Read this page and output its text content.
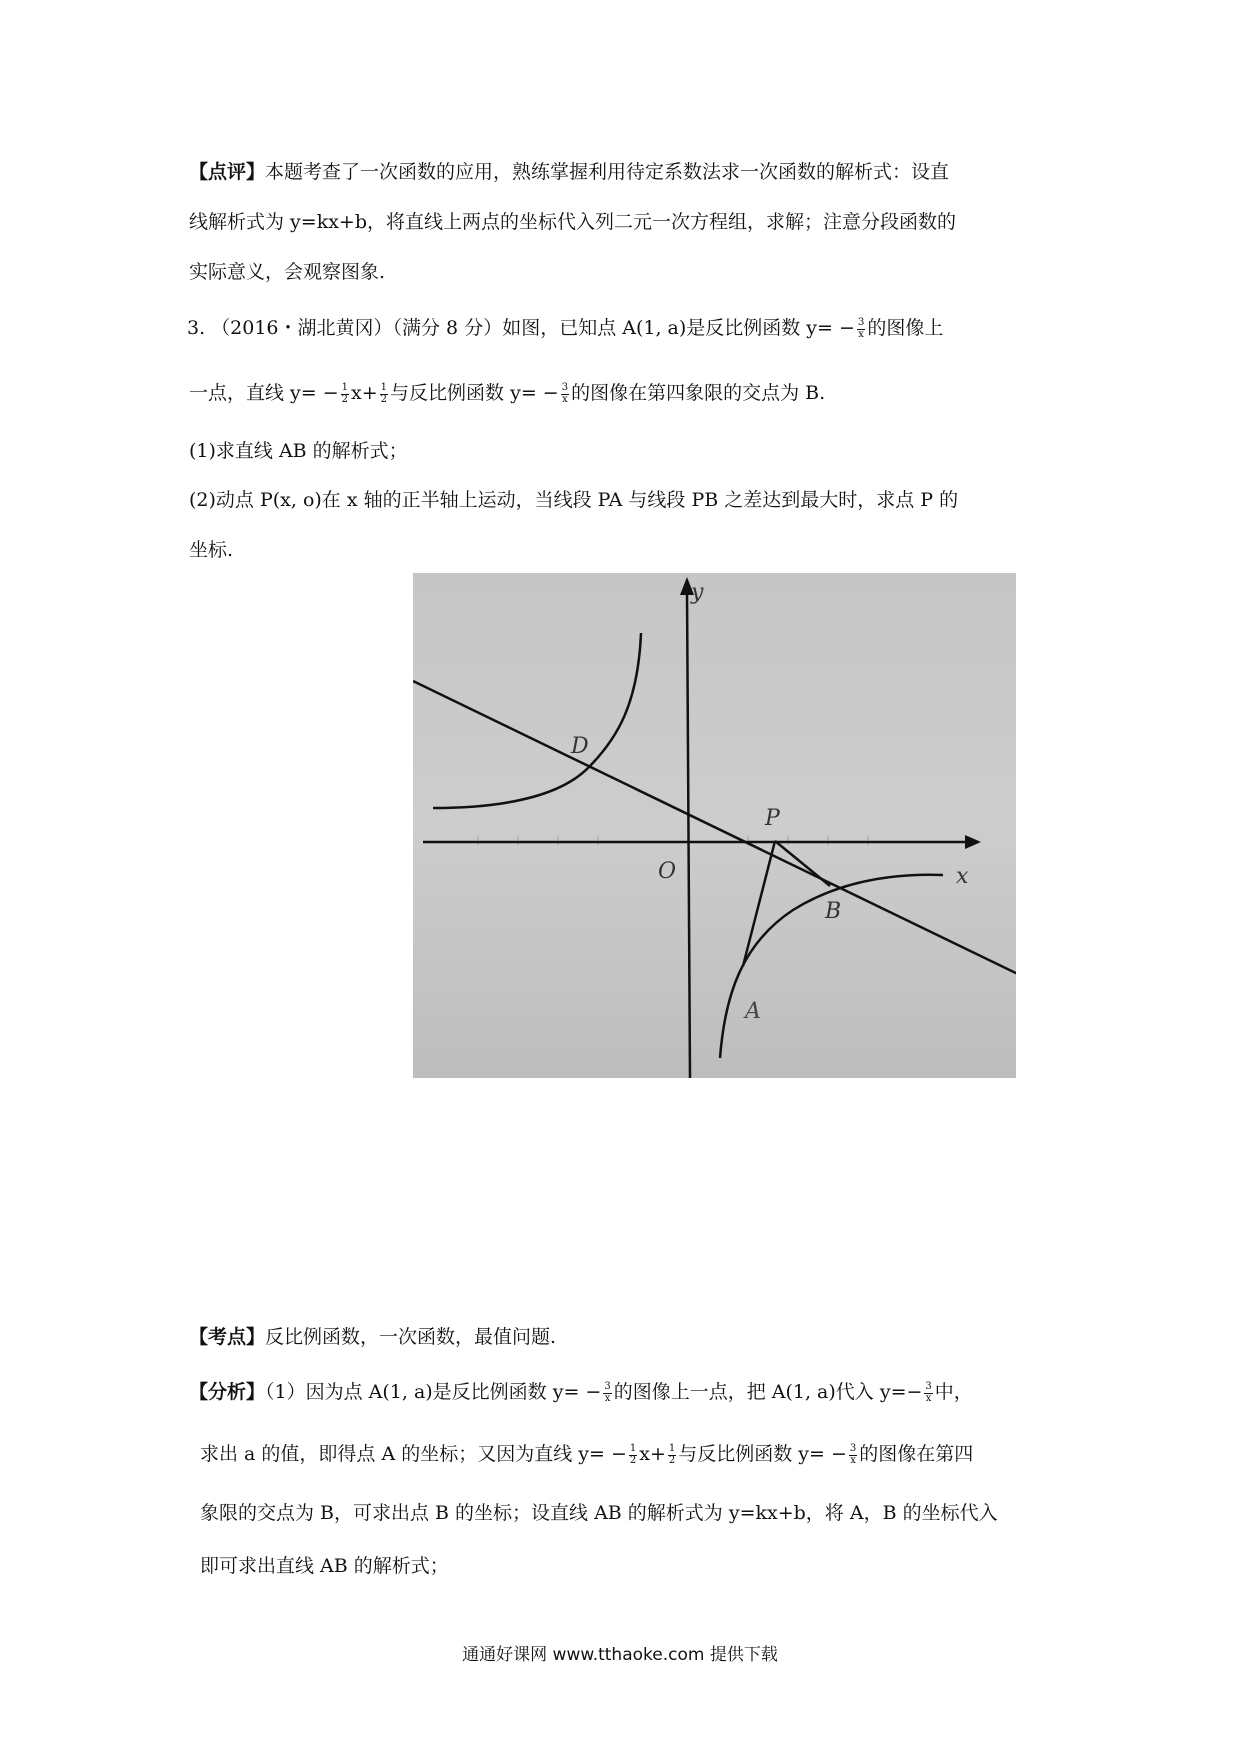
【点评】本题考查了一次函数的应用，熟练掌握利用待定系数法求一次函数的解析式：设直
线解析式为 y=kx+b，将直线上两点的坐标代入列二元一次方程组，求解；注意分段函数的
实际意义，会观察图象.
3. （2016・湖北黄冈）（满分 8 分）如图，已知点 A(1, a)是反比例函数 $y= - \frac{3}{x}$ 的图像上
一点，直线 $y= - \frac{1}{2} x+ \frac{1}{2}$ 与反比例函数 $y= - \frac{3}{x}$ 的图像在第四象限的交点为 B.
(1)求直线 AB 的解析式；
(2)动点 P(x, o)在 x 轴的正半轴上运动，当线段 PA 与线段 PB 之差达到最大时，求点 P 的
坐标.
y
x
O
D
P
B
A
【考点】反比例函数，一次函数，最值问题.
【分析】（1）因为点 A(1, a)是反比例函数 $y= - \frac{3}{x}$ 的图像上一点，把 A(1, a)代入 $y=- \frac{3}{x}$ 中，
求出 a 的值，即得点 A 的坐标；又因为直线 $y= - \frac{1}{2} x+ \frac{1}{2}$ 与反比例函数 $y= - \frac{3}{x}$ 的图像在第四
象限的交点为 B，可求出点 B 的坐标；设直线 AB 的解析式为 y=kx+b，将 A，B 的坐标代入
即可求出直线 AB 的解析式；
通通好课网 www.tthaoke.com 提供下载
